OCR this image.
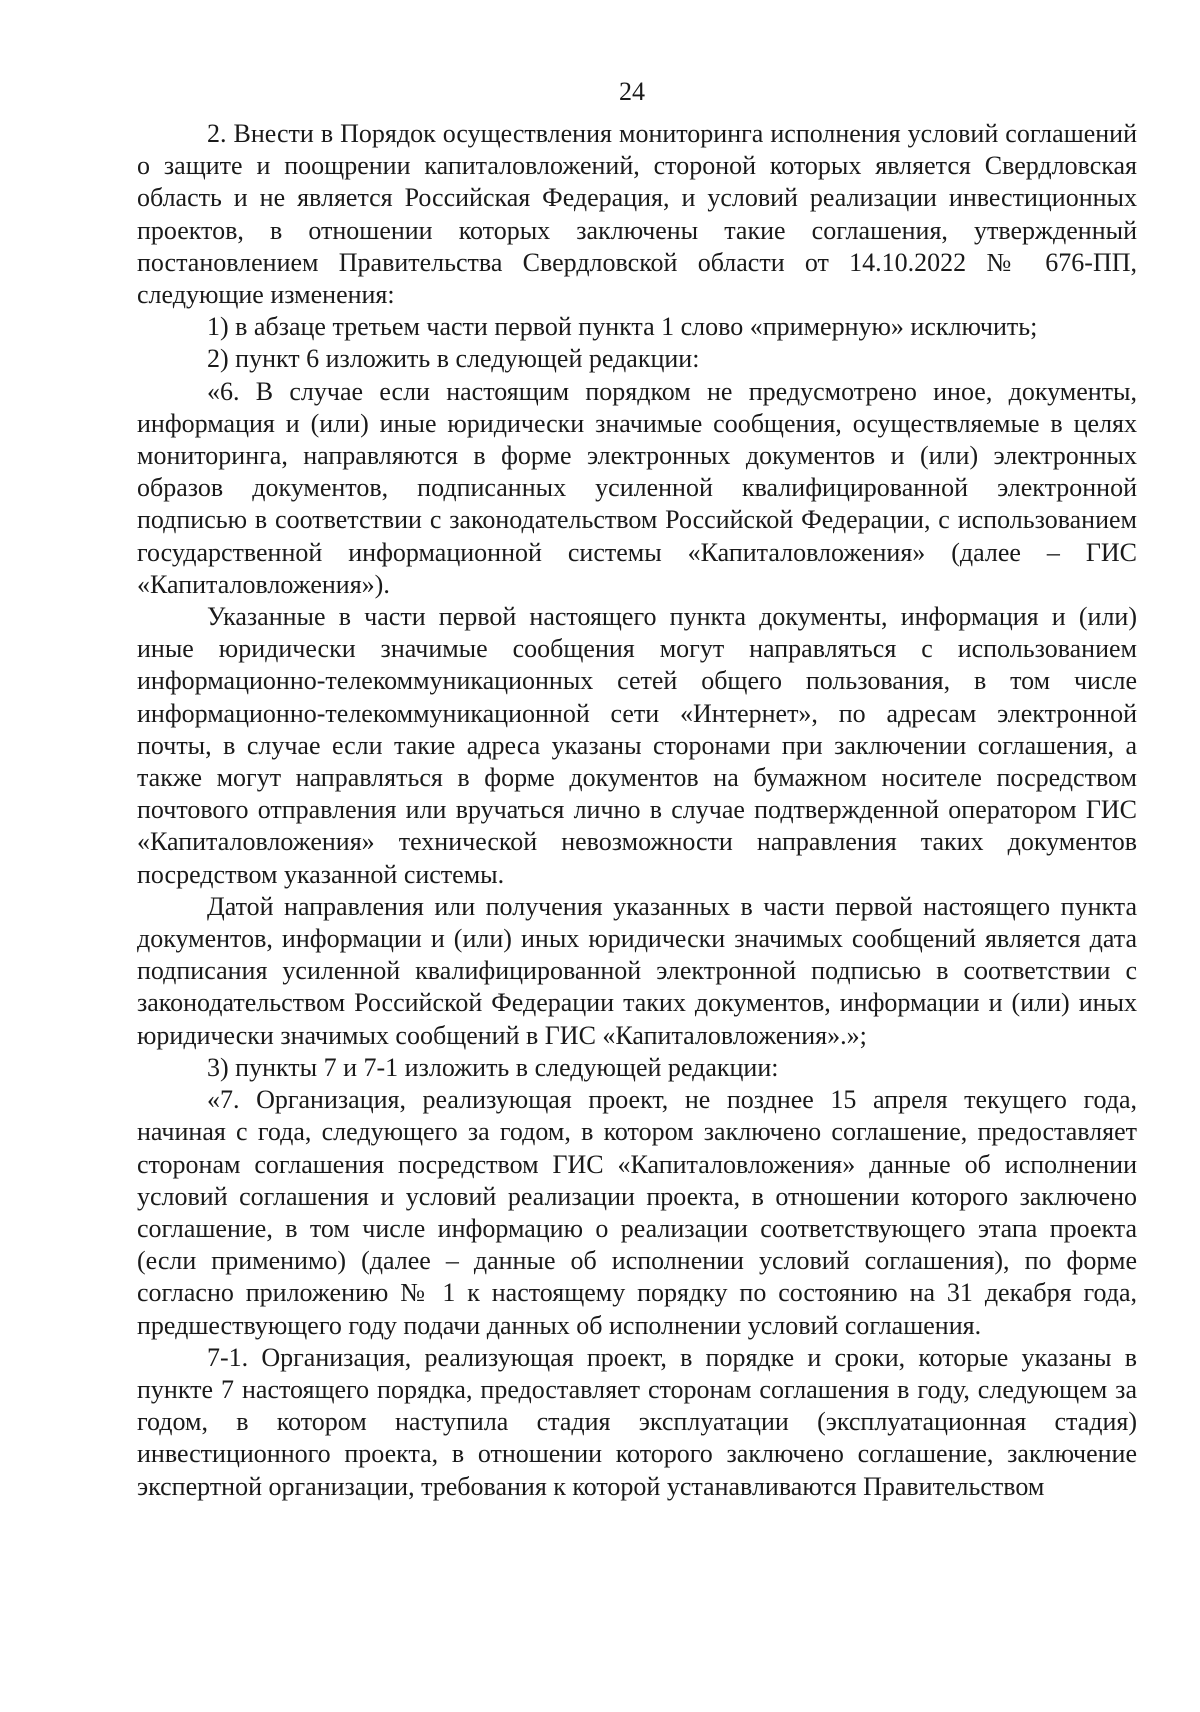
24

2. Внести в Порядок осуществления мониторинга исполнения условий соглашений о защите и поощрении капиталовложений, стороной которых является Свердловская область и не является Российская Федерация, и условий реализации инвестиционных проектов, в отношении которых заключены такие соглашения, утвержденный постановлением Правительства Свердловской области от 14.10.2022 № 676-ПП, следующие изменения:

1) в абзаце третьем части первой пункта 1 слово «примерную» исключить;

2) пункт 6 изложить в следующей редакции:

«6. В случае если настоящим порядком не предусмотрено иное, документы, информация и (или) иные юридически значимые сообщения, осуществляемые в целях мониторинга, направляются в форме электронных документов и (или) электронных образов документов, подписанных усиленной квалифицированной электронной подписью в соответствии с законодательством Российской Федерации, с использованием государственной информационной системы «Капиталовложения» (далее – ГИС «Капиталовложения»).

Указанные в части первой настоящего пункта документы, информация и (или) иные юридически значимые сообщения могут направляться с использованием информационно-телекоммуникационных сетей общего пользования, в том числе информационно-телекоммуникационной сети «Интернет», по адресам электронной почты, в случае если такие адреса указаны сторонами при заключении соглашения, а также могут направляться в форме документов на бумажном носителе посредством почтового отправления или вручаться лично в случае подтвержденной оператором ГИС «Капиталовложения» технической невозможности направления таких документов посредством указанной системы.

Датой направления или получения указанных в части первой настоящего пункта документов, информации и (или) иных юридически значимых сообщений является дата подписания усиленной квалифицированной электронной подписью в соответствии с законодательством Российской Федерации таких документов, информации и (или) иных юридически значимых сообщений в ГИС «Капиталовложения».»;

3) пункты 7 и 7-1 изложить в следующей редакции:

«7. Организация, реализующая проект, не позднее 15 апреля текущего года, начиная с года, следующего за годом, в котором заключено соглашение, предоставляет сторонам соглашения посредством ГИС «Капиталовложения» данные об исполнении условий соглашения и условий реализации проекта, в отношении которого заключено соглашение, в том числе информацию о реализации соответствующего этапа проекта (если применимо) (далее – данные об исполнении условий соглашения), по форме согласно приложению № 1 к настоящему порядку по состоянию на 31 декабря года, предшествующего году подачи данных об исполнении условий соглашения.

7-1. Организация, реализующая проект, в порядке и сроки, которые указаны в пункте 7 настоящего порядка, предоставляет сторонам соглашения в году, следующем за годом, в котором наступила стадия эксплуатации (эксплуатационная стадия) инвестиционного проекта, в отношении которого заключено соглашение, заключение экспертной организации, требования к которой устанавливаются Правительством
